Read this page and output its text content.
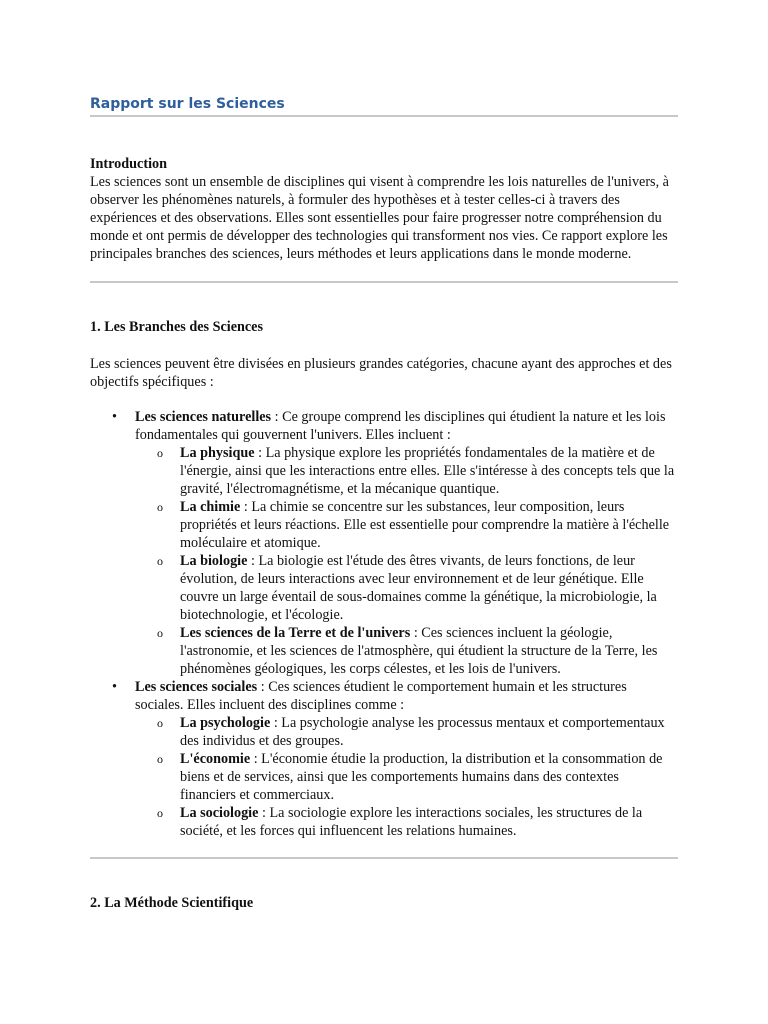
Rapport sur les Sciences

Introduction

Les sciences sont un ensemble de disciplines qui visent à comprendre les lois naturelles de l'univers, à observer les phénomènes naturels, à formuler des hypothèses et à tester celles-ci à travers des expériences et des observations. Elles sont essentielles pour faire progresser notre compréhension du monde et ont permis de développer des technologies qui transforment nos vies. Ce rapport explore les principales branches des sciences, leurs méthodes et leurs applications dans le monde moderne.

1. Les Branches des Sciences

Les sciences peuvent être divisées en plusieurs grandes catégories, chacune ayant des approches et des objectifs spécifiques :

• Les sciences naturelles : Ce groupe comprend les disciplines qui étudient la nature et les lois fondamentales qui gouvernent l'univers. Elles incluent :
o La physique : La physique explore les propriétés fondamentales de la matière et de l'énergie, ainsi que les interactions entre elles. Elle s'intéresse à des concepts tels que la gravité, l'électromagnétisme, et la mécanique quantique.
o La chimie : La chimie se concentre sur les substances, leur composition, leurs propriétés et leurs réactions. Elle est essentielle pour comprendre la matière à l'échelle moléculaire et atomique.
o La biologie : La biologie est l'étude des êtres vivants, de leurs fonctions, de leur évolution, de leurs interactions avec leur environnement et de leur génétique. Elle couvre un large éventail de sous-domaines comme la génétique, la microbiologie, la biotechnologie, et l'écologie.
o Les sciences de la Terre et de l'univers : Ces sciences incluent la géologie, l'astronomie, et les sciences de l'atmosphère, qui étudient la structure de la Terre, les phénomènes géologiques, les corps célestes, et les lois de l'univers.
• Les sciences sociales : Ces sciences étudient le comportement humain et les structures sociales. Elles incluent des disciplines comme :
o La psychologie : La psychologie analyse les processus mentaux et comportementaux des individus et des groupes.
o L'économie : L'économie étudie la production, la distribution et la consommation de biens et de services, ainsi que les comportements humains dans des contextes financiers et commerciaux.
o La sociologie : La sociologie explore les interactions sociales, les structures de la société, et les forces qui influencent les relations humaines.

2. La Méthode Scientifique
